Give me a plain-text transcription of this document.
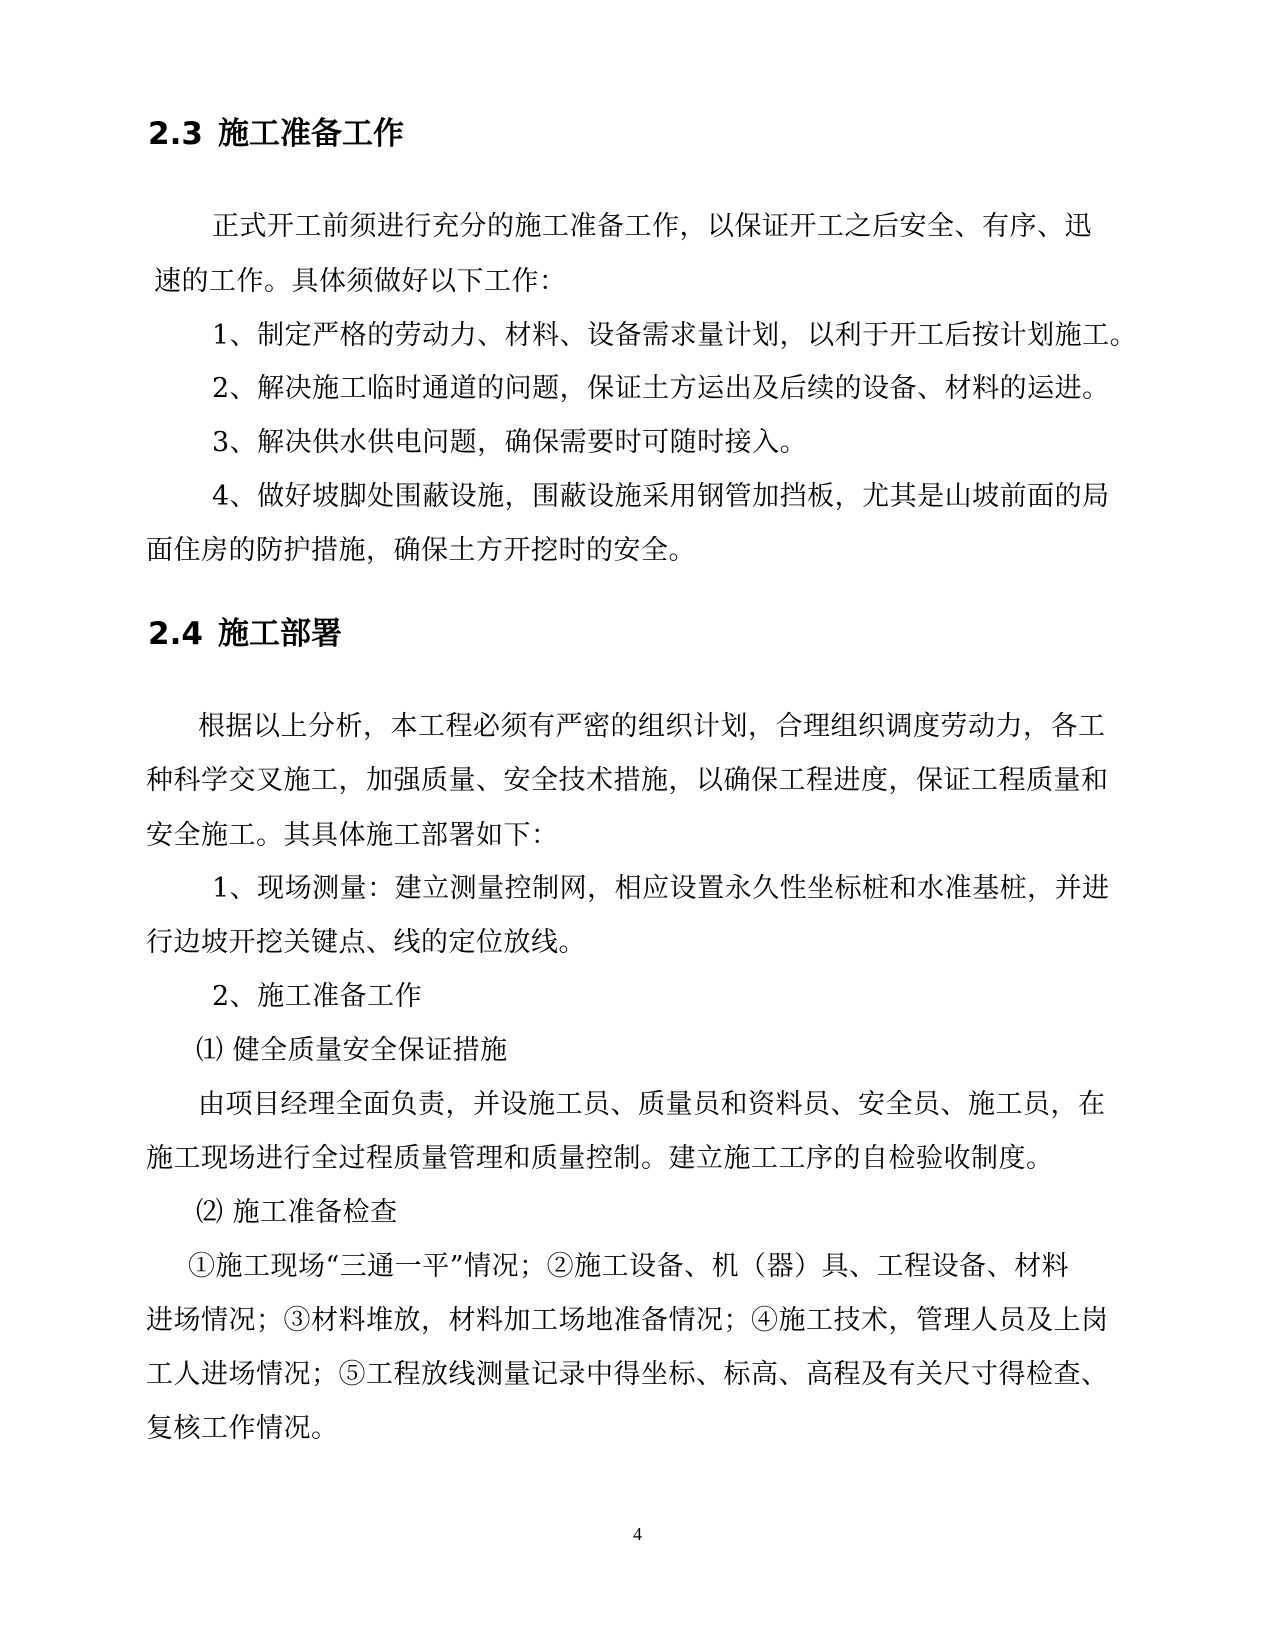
2.3 施工准备工作

正式开工前须进行充分的施工准备工作，以保证开工之后安全、有序、迅

速的工作。具体须做好以下工作：

1、制定严格的劳动力、材料、设备需求量计划，以利于开工后按计划施工。

2、解决施工临时通道的问题，保证土方运出及后续的设备、材料的运进。

3、解决供水供电问题，确保需要时可随时接入。

4、做好坡脚处围蔽设施，围蔽设施采用钢管加挡板，尤其是山坡前面的局

面住房的防护措施，确保土方开挖时的安全。

2.4 施工部署

根据以上分析，本工程必须有严密的组织计划，合理组织调度劳动力，各工

种科学交叉施工，加强质量、安全技术措施，以确保工程进度，保证工程质量和

安全施工。其具体施工部署如下：

1、现场测量：建立测量控制网，相应设置永久性坐标桩和水准基桩，并进

行边坡开挖关键点、线的定位放线。

2、施工准备工作

⑴ 健全质量安全保证措施

由项目经理全面负责，并设施工员、质量员和资料员、安全员、施工员，在

施工现场进行全过程质量管理和质量控制。建立施工工序的自检验收制度。

⑵ 施工准备检查

①施工现场“三通一平”情况；②施工设备、机（器）具、工程设备、材料

进场情况；③材料堆放，材料加工场地准备情况；④施工技术，管理人员及上岗

工人进场情况；⑤工程放线测量记录中得坐标、标高、高程及有关尺寸得检查、

复核工作情况。

4
